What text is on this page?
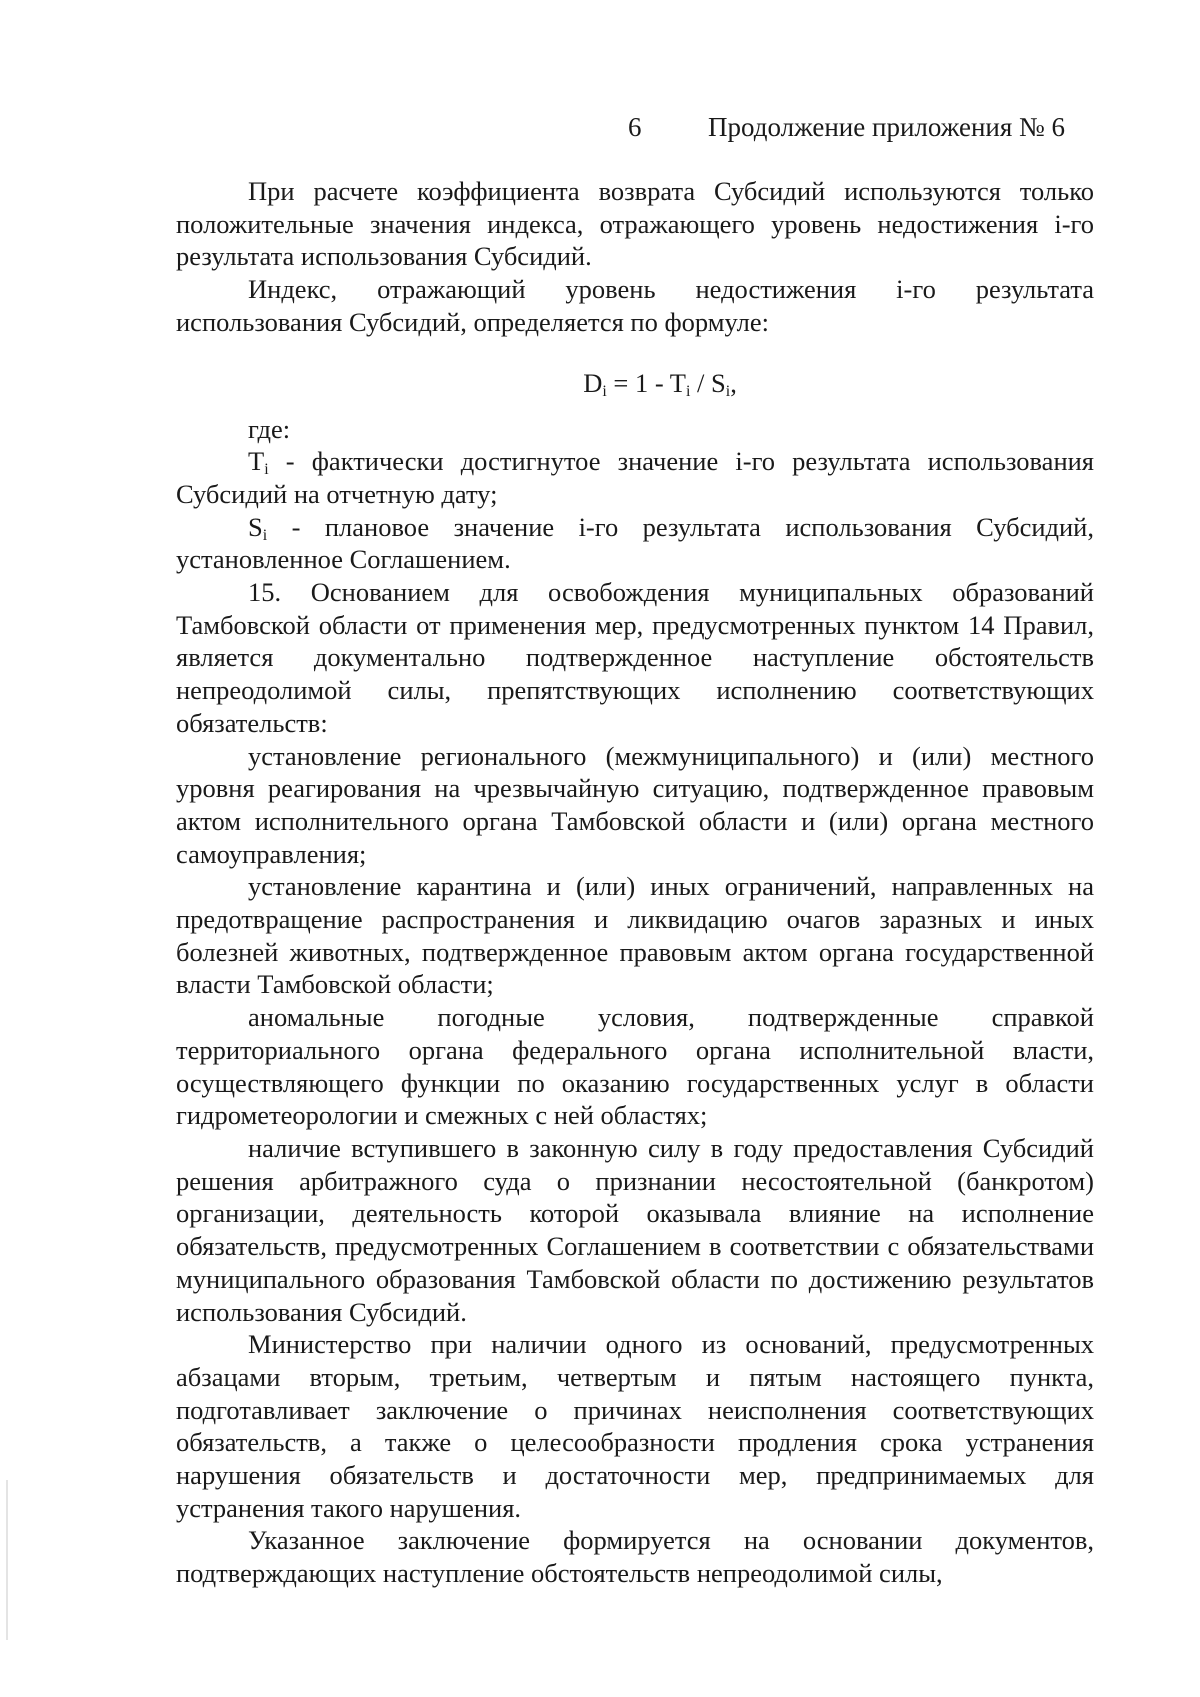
6 Продолжение приложения № 6

При расчете коэффициента возврата Субсидий используются только положительные значения индекса, отражающего уровень недостижения i-го результата использования Субсидий.

Индекс, отражающий уровень недостижения i-го результата использования Субсидий, определяется по формуле:

$D_i = 1 - T_i / S_i$,

где:

$T_i$ - фактически достигнутое значение i-го результата использования Субсидий на отчетную дату;

$S_i$ - плановое значение i-го результата использования Субсидий, установленное Соглашением.

15. Основанием для освобождения муниципальных образований Тамбовской области от применения мер, предусмотренных пунктом 14 Правил, является документально подтвержденное наступление обстоятельств непреодолимой силы, препятствующих исполнению соответствующих обязательств:

установление регионального (межмуниципального) и (или) местного уровня реагирования на чрезвычайную ситуацию, подтвержденное правовым актом исполнительного органа Тамбовской области и (или) органа местного самоуправления;

установление карантина и (или) иных ограничений, направленных на предотвращение распространения и ликвидацию очагов заразных и иных болезней животных, подтвержденное правовым актом органа государственной власти Тамбовской области;

аномальные погодные условия, подтвержденные справкой территориального органа федерального органа исполнительной власти, осуществляющего функции по оказанию государственных услуг в области гидрометеорологии и смежных с ней областях;

наличие вступившего в законную силу в году предоставления Субсидий решения арбитражного суда о признании несостоятельной (банкротом) организации, деятельность которой оказывала влияние на исполнение обязательств, предусмотренных Соглашением в соответствии с обязательствами муниципального образования Тамбовской области по достижению результатов использования Субсидий.

Министерство при наличии одного из оснований, предусмотренных абзацами вторым, третьим, четвертым и пятым настоящего пункта, подготавливает заключение о причинах неисполнения соответствующих обязательств, а также о целесообразности продления срока устранения нарушения обязательств и достаточности мер, предпринимаемых для устранения такого нарушения.

Указанное заключение формируется на основании документов, подтверждающих наступление обстоятельств непреодолимой силы,
